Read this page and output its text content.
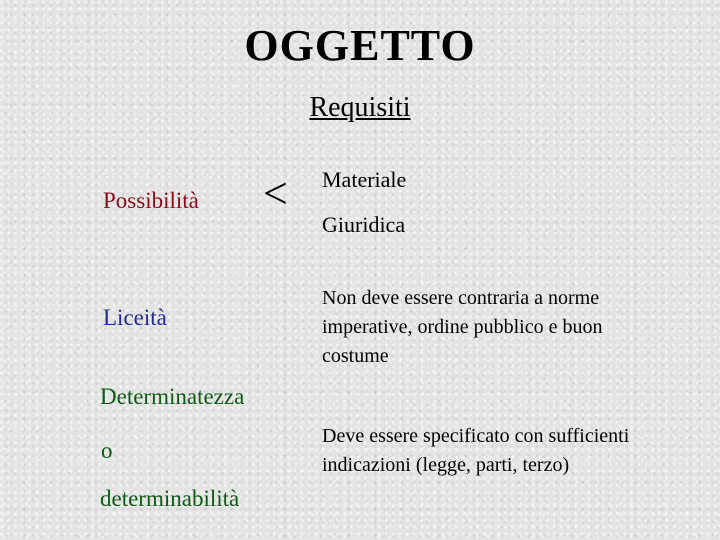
OGGETTO
Requisiti
Possibilità < Materiale
Giuridica
Liceità
Non deve essere contraria a norme
imperative, ordine pubblico e buon
costume
Determinatezza
o
determinabilità
Deve essere specificato con sufficienti
indicazioni (legge, parti, terzo)
